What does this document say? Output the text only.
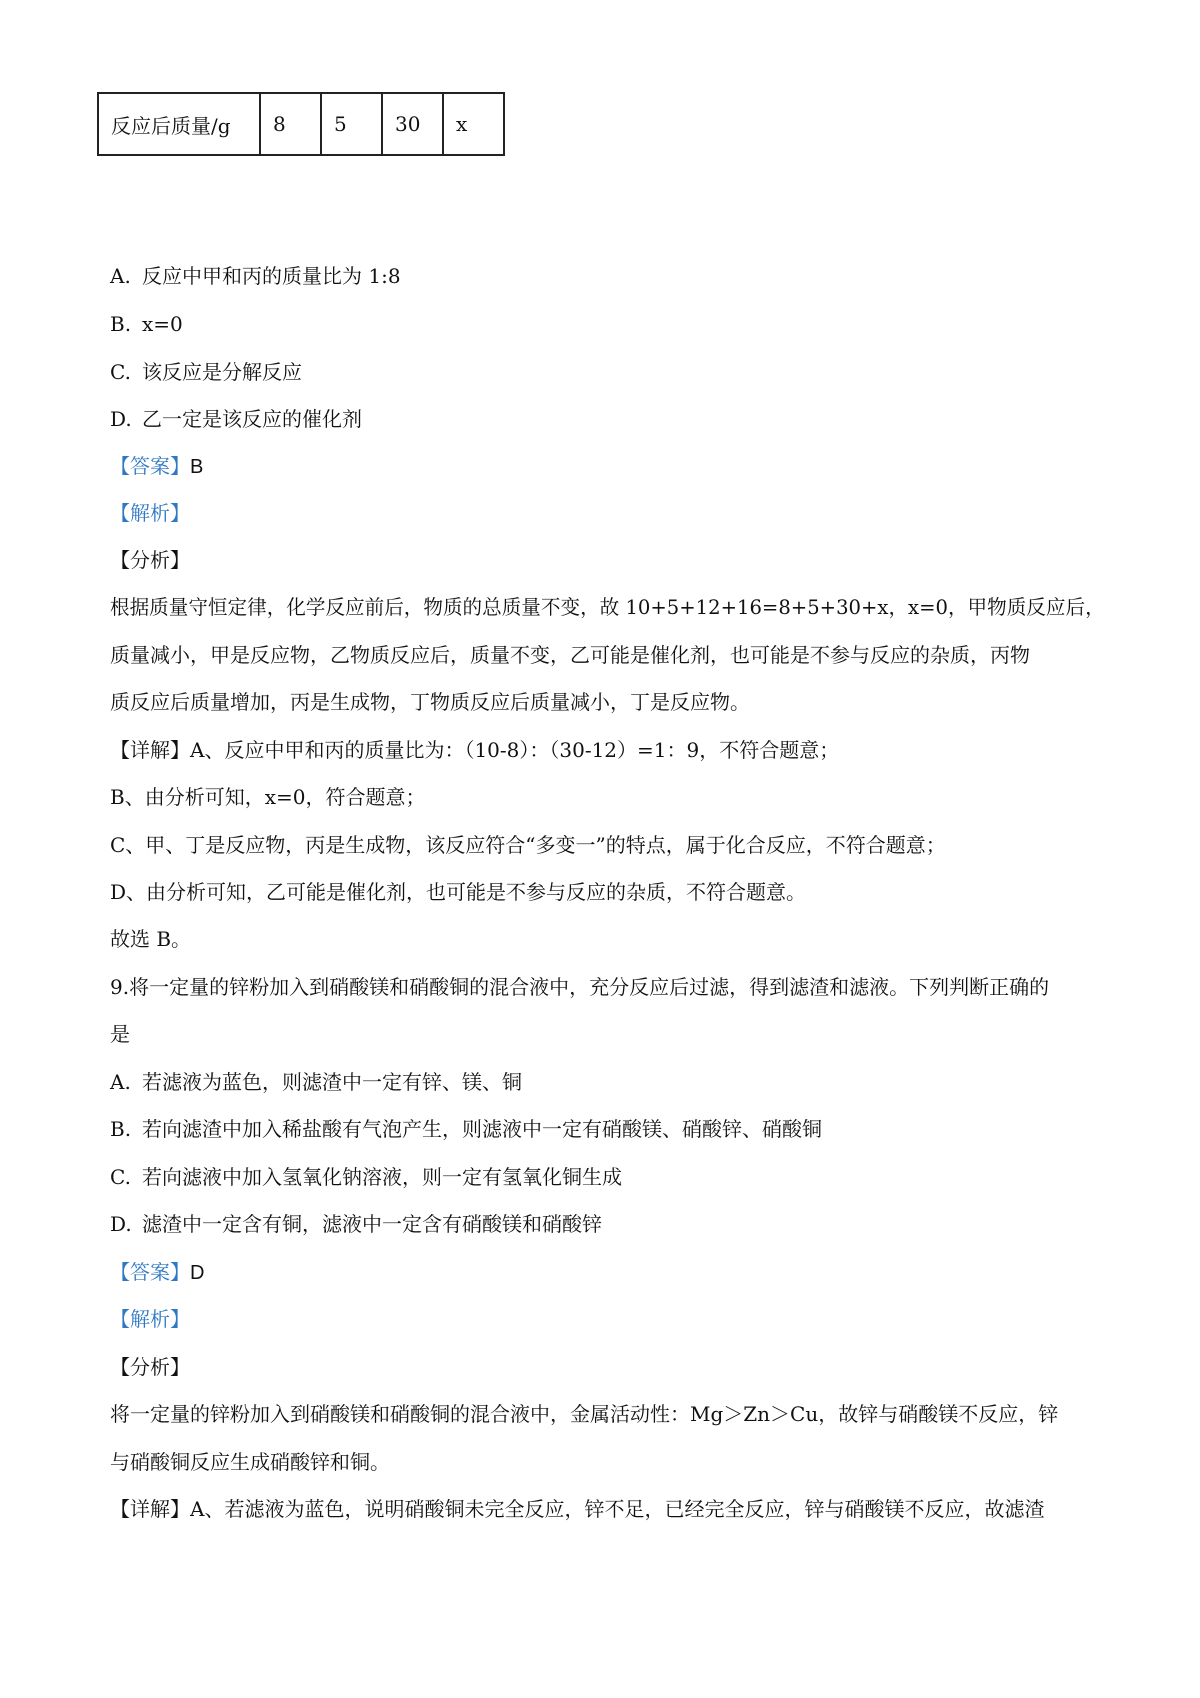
反应后质量/g	8	5	30	x
A. 反应中甲和丙的质量比为 1:8
B. x=0
C. 该反应是分解反应
D. 乙一定是该反应的催化剂
【答案】B
【解析】
【分析】
根据质量守恒定律，化学反应前后，物质的总质量不变，故 10+5+12+16=8+5+30+x，x=0，甲物质反应后，
质量减小，甲是反应物，乙物质反应后，质量不变，乙可能是催化剂，也可能是不参与反应的杂质，丙物
质反应后质量增加，丙是生成物，丁物质反应后质量减小，丁是反应物。
【详解】A、反应中甲和丙的质量比为：（10-8）：（30-12）=1：9，不符合题意；
B、由分析可知，x=0，符合题意；
C、甲、丁是反应物，丙是生成物，该反应符合“多变一”的特点，属于化合反应，不符合题意；
D、由分析可知，乙可能是催化剂，也可能是不参与反应的杂质，不符合题意。
故选 B。
9.将一定量的锌粉加入到硝酸镁和硝酸铜的混合液中，充分反应后过滤，得到滤渣和滤液。下列判断正确的
是
A. 若滤液为蓝色，则滤渣中一定有锌、镁、铜
B. 若向滤渣中加入稀盐酸有气泡产生，则滤液中一定有硝酸镁、硝酸锌、硝酸铜
C. 若向滤液中加入氢氧化钠溶液，则一定有氢氧化铜生成
D. 滤渣中一定含有铜，滤液中一定含有硝酸镁和硝酸锌
【答案】D
【解析】
【分析】
将一定量的锌粉加入到硝酸镁和硝酸铜的混合液中，金属活动性：Mg＞Zn＞Cu，故锌与硝酸镁不反应，锌
与硝酸铜反应生成硝酸锌和铜。
【详解】A、若滤液为蓝色，说明硝酸铜未完全反应，锌不足，已经完全反应，锌与硝酸镁不反应，故滤渣
